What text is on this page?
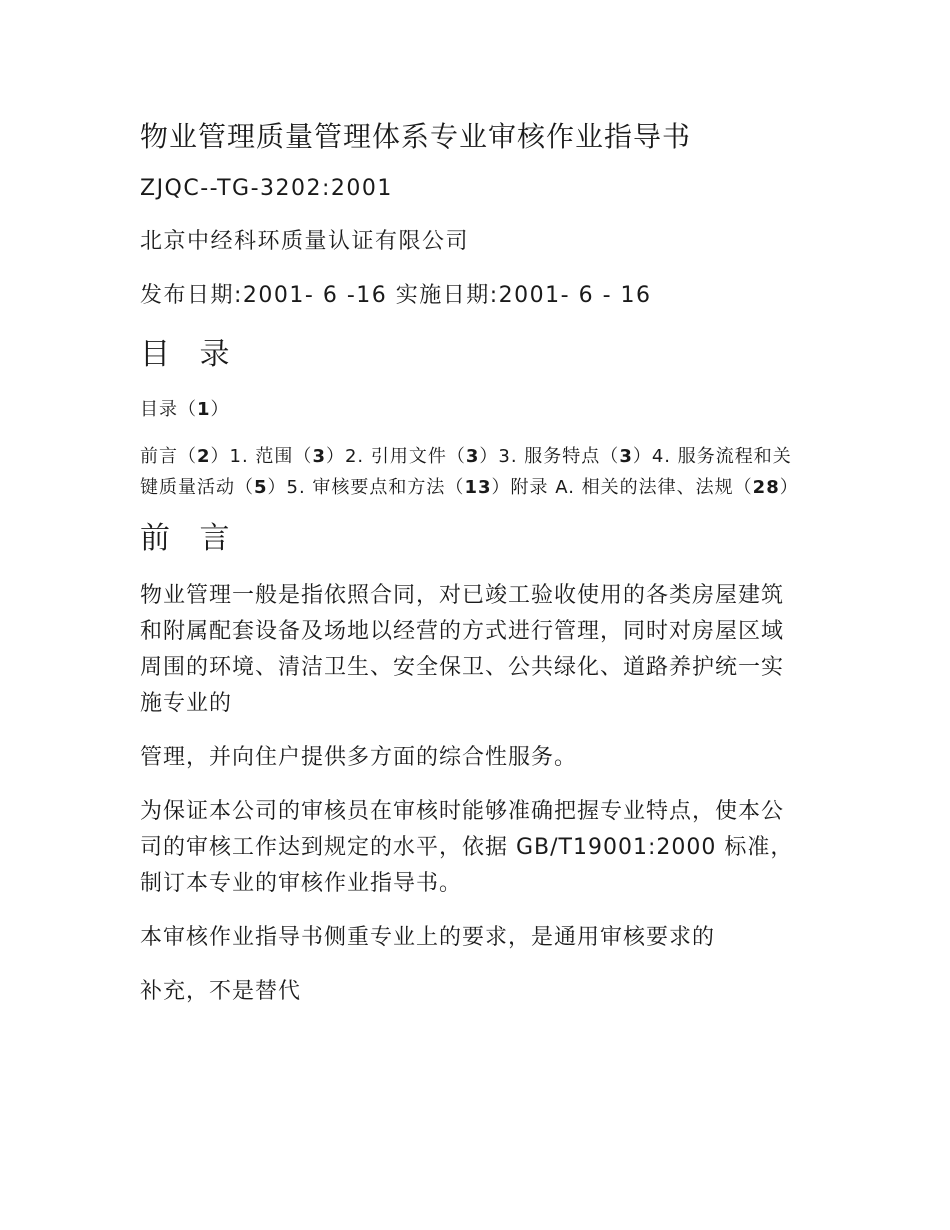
物业管理质量管理体系专业审核作业指导书

ZJQC--TG-3202:2001

北京中经科环质量认证有限公司

发布日期:2001- 6 -16 实施日期:2001- 6 - 16

目 录

目录（1）

前言（2）1. 范围（3）2. 引用文件（3）3. 服务特点（3）4. 服务流程和关键质量活动（5）5. 审核要点和方法（13）附录 A. 相关的法律、法规（28）

前 言

物业管理一般是指依照合同，对已竣工验收使用的各类房屋建筑和附属配套设备及场地以经营的方式进行管理，同时对房屋区域周围的环境、清洁卫生、安全保卫、公共绿化、道路养护统一实施专业的

管理，并向住户提供多方面的综合性服务。

为保证本公司的审核员在审核时能够准确把握专业特点，使本公司的审核工作达到规定的水平，依据 GB/T19001:2000 标准，制订本专业的审核作业指导书。

本审核作业指导书侧重专业上的要求，是通用审核要求的

补充，不是替代
